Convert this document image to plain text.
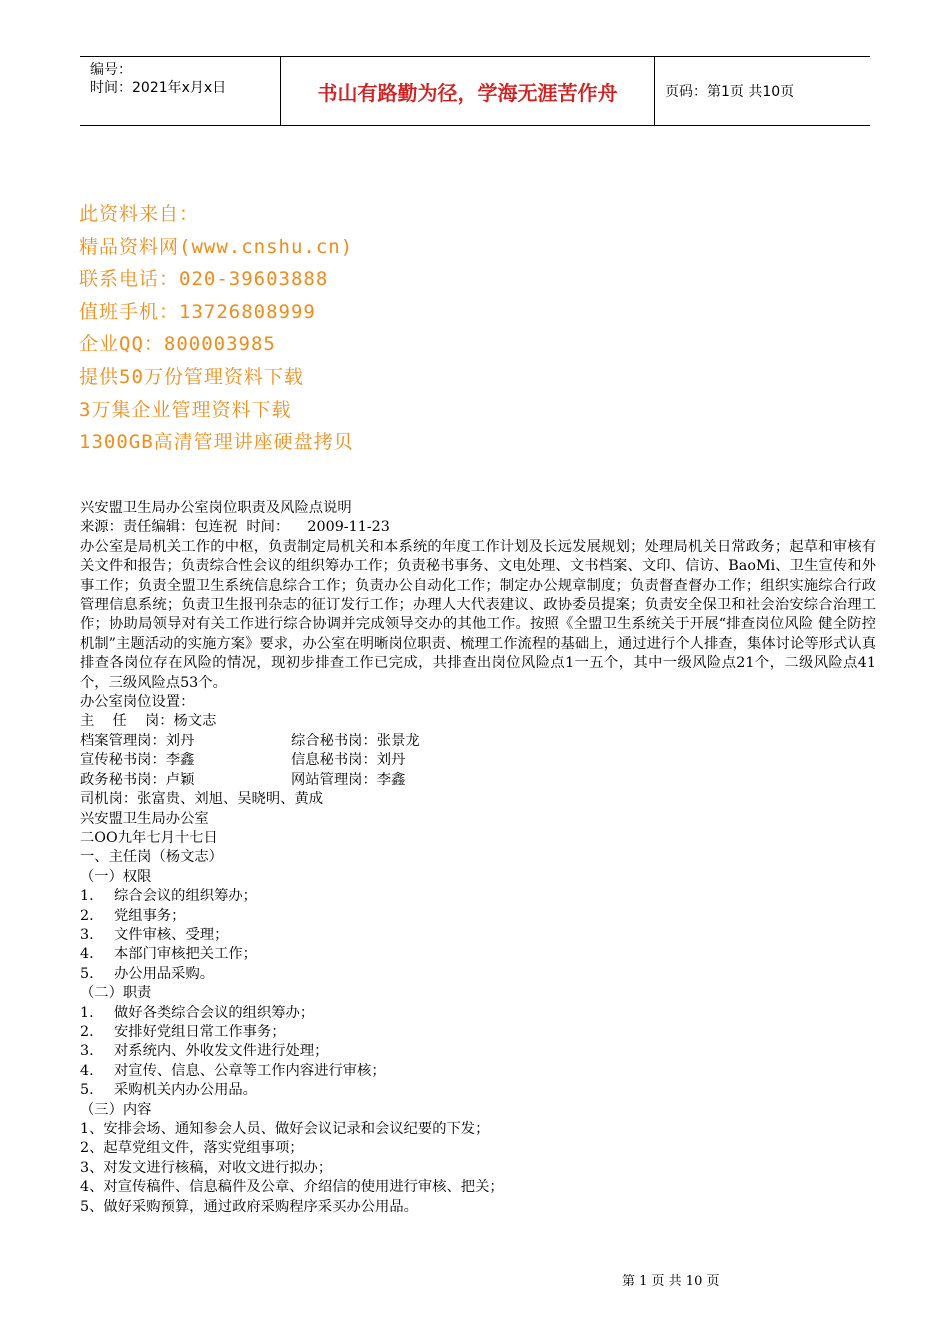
编号：
时间：2021年x月x日	书山有路勤为径，学海无涯苦作舟	页码：第1页 共10页
此资料来自：
精品资料网(www.cnshu.cn)
联系电话：020-39603888
值班手机：13726808999
企业QQ：800003985
提供50万份管理资料下载
3万集企业管理资料下载
1300GB高清管理讲座硬盘拷贝

兴安盟卫生局办公室岗位职责及风险点说明

来源：责任编辑：包连祝  时间：    2009-11-23

办公室是局机关工作的中枢，负责制定局机关和本系统的年度工作计划及长远发展规划；处理局机关日常政务；起草和审核有关文件和报告；负责综合性会议的组织筹办工作；负责秘书事务、文电处理、文书档案、文印、信访、BaoMi、卫生宣传和外事工作；负责全盟卫生系统信息综合工作；负责办公自动化工作；制定办公规章制度；负责督查督办工作；组织实施综合行政管理信息系统；负责卫生报刊杂志的征订发行工作；办理人大代表建议、政协委员提案；负责安全保卫和社会治安综合治理工作；协助局领导对有关工作进行综合协调并完成领导交办的其他工作。按照《全盟卫生系统关于开展“排查岗位风险 健全防控机制”主题活动的实施方案》要求，办公室在明晰岗位职责、梳理工作流程的基础上，通过进行个人排查，集体讨论等形式认真排查各岗位存在风险的情况，现初步排查工作已完成，共排查出岗位风险点1一五个，其中一级风险点21个，二级风险点41个，三级风险点53个。

办公室岗位设置：

主    任    岗：杨文志

档案管理岗：刘丹	综合秘书岗：张景龙
宣传秘书岗：李鑫	信息秘书岗：刘丹
政务秘书岗：卢颖	网站管理岗：李鑫

司机岗：张富贵、刘旭、吴晓明、黄成

兴安盟卫生局办公室

二OO九年七月十七日

一、主任岗（杨文志）

（一）权限

1.	综合会议的组织筹办；
2.	党组事务；
3.	文件审核、受理；
4.	本部门审核把关工作；
5.	办公用品采购。

（二）职责

1.	做好各类综合会议的组织筹办；
2.	安排好党组日常工作事务；
3.	对系统内、外收发文件进行处理；
4.	对宣传、信息、公章等工作内容进行审核；
5.	采购机关内办公用品。

（三）内容

1、安排会场、通知参会人员、做好会议记录和会议纪要的下发；

2、起草党组文件，落实党组事项；

3、对发文进行核稿，对收文进行拟办；

4、对宣传稿件、信息稿件及公章、介绍信的使用进行审核、把关；

5、做好采购预算，通过政府采购程序采买办公用品。

第 1 页 共 10 页
